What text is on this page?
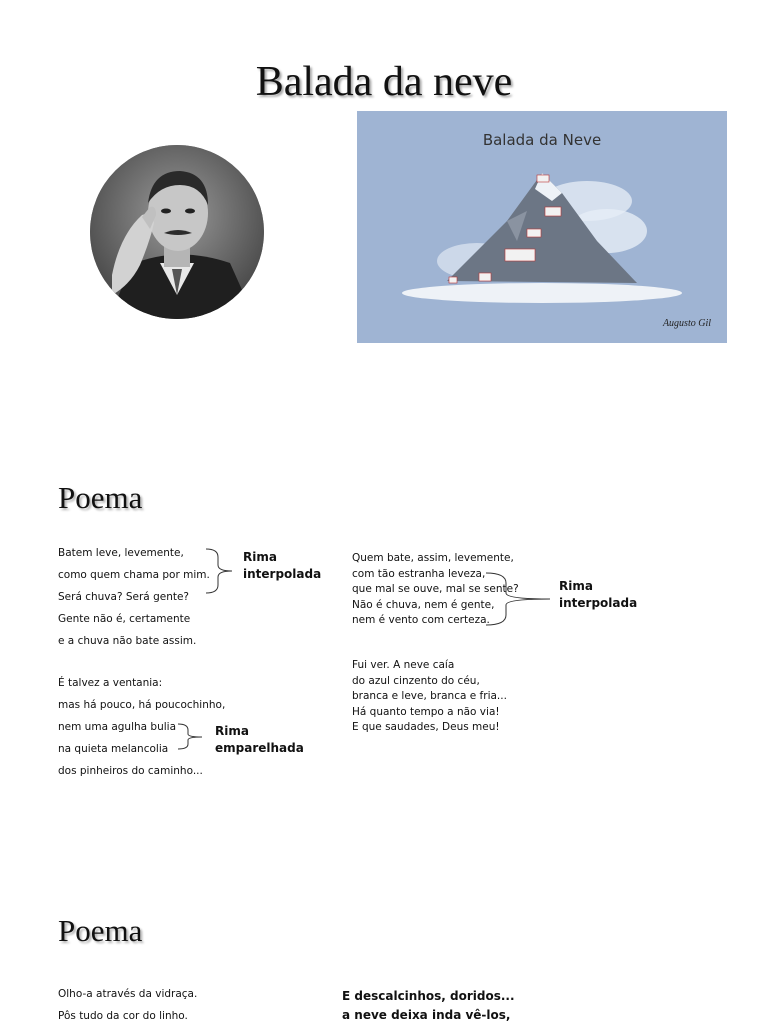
Balada da neve
Balada da Neve
Augusto Gil
Poema
Batem leve, levemente,
como quem chama por mim.
Será chuva? Será gente?
Gente não é, certamente
e a chuva não bate assim.
Rima
interpolada
É talvez a ventania:
mas há pouco, há poucochinho,
nem uma agulha bulia
na quieta melancolia
dos pinheiros do caminho...
Rima
emparelhada
Quem bate, assim, levemente,
com tão estranha leveza,
que mal se ouve, mal se sente?
Não é chuva, nem é gente,
nem é vento com certeza.
Rima
interpolada
Fui ver. A neve caía
do azul cinzento do céu,
branca e leve, branca e fria...
Há quanto tempo a não via!
E que saudades, Deus meu!
Poema
Olho-a através da vidraça.
Pôs tudo da cor do linho.
E descalcinhos, doridos...
a neve deixa inda vê-los,
